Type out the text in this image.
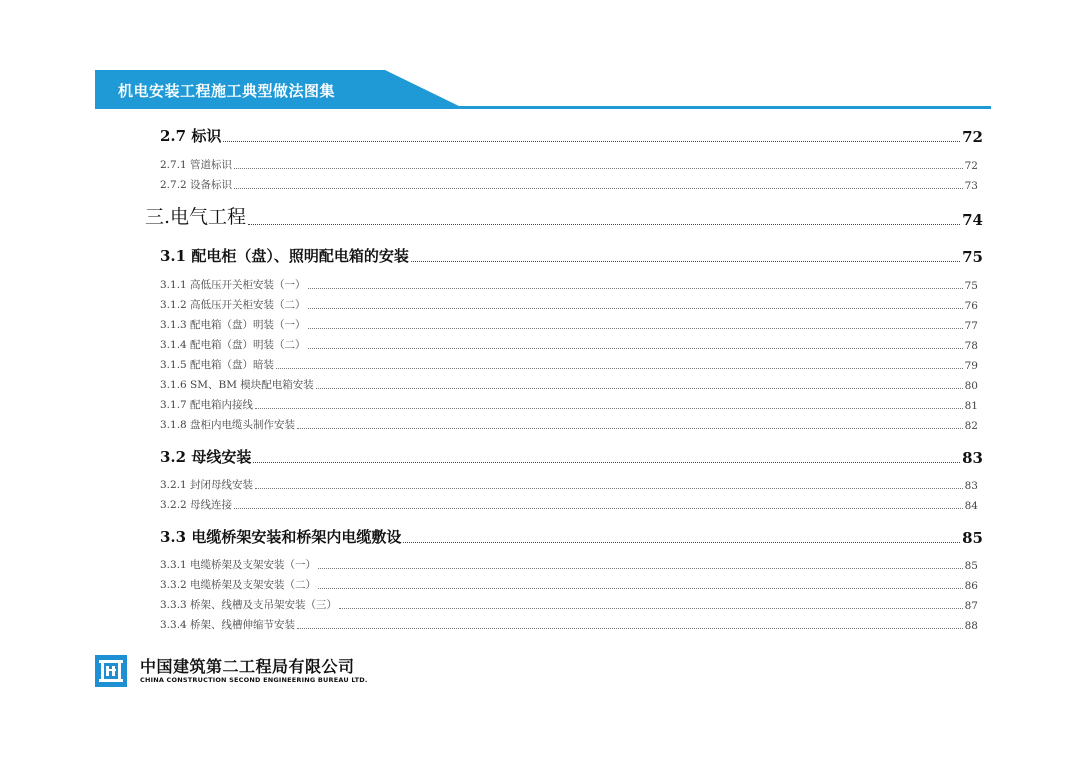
机电安装工程施工典型做法图集
2.7 标识	72
2.7.1 管道标识	72
2.7.2 设备标识	73
三.电气工程	74
3.1 配电柜（盘）、照明配电箱的安装	75
3.1.1 高低压开关柜安装（一）	75
3.1.2 高低压开关柜安装（二）	76
3.1.3 配电箱（盘）明装（一）	77
3.1.4 配电箱（盘）明装（二）	78
3.1.5 配电箱（盘）暗装	79
3.1.6 SM、BM 模块配电箱安装	80
3.1.7 配电箱内接线	81
3.1.8 盘柜内电缆头制作安装	82
3.2 母线安装	83
3.2.1 封闭母线安装	83
3.2.2 母线连接	84
3.3 电缆桥架安装和桥架内电缆敷设	85
3.3.1 电缆桥架及支架安装（一）	85
3.3.2 电缆桥架及支架安装（二）	86
3.3.3 桥架、线槽及支吊架安装（三）	87
3.3.4 桥架、线槽伸缩节安装	88
中国建筑第二工程局有限公司
CHINA CONSTRUCTION SECOND ENGINEERING BUREAU LTD.
